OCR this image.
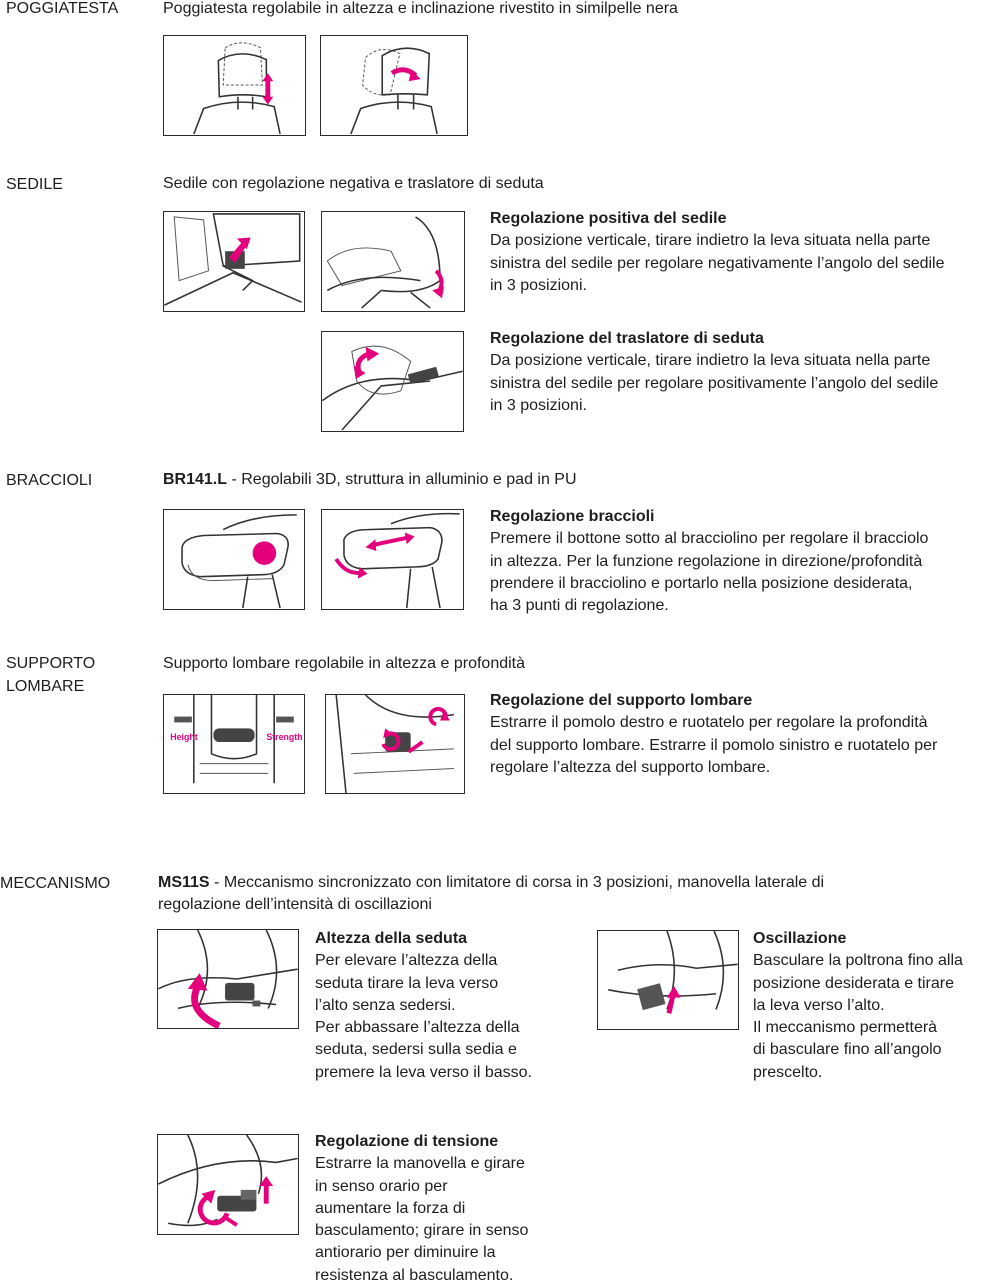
POGGIATESTA	Poggiatesta regolabile in altezza e inclinazione rivestito in similpelle nera
SEDILE	Sedile con regolazione negativa e traslatore di seduta
Regolazione positiva del sedile
Da posizione verticale, tirare indietro la leva situata nella parte
sinistra del sedile per regolare negativamente l’angolo del sedile
in 3 posizioni.
Regolazione del traslatore di seduta
Da posizione verticale, tirare indietro la leva situata nella parte
sinistra del sedile per regolare positivamente l’angolo del sedile
in 3 posizioni.
BRACCIOLI	BR141.L - Regolabili 3D, struttura in alluminio e pad in PU
Regolazione braccioli
Premere il bottone sotto al bracciolino per regolare il bracciolo
in altezza. Per la funzione regolazione in direzione/profondità
prendere il bracciolino e portarlo nella posizione desiderata,
ha 3 punti di regolazione.
SUPPORTO
LOMBARE
Supporto lombare regolabile in altezza e profondità
Height	Strength
Regolazione del supporto lombare
Estrarre il pomolo destro e ruotatelo per regolare la profondità
del supporto lombare. Estrarre il pomolo sinistro e ruotatelo per
regolare l’altezza del supporto lombare.
MECCANISMO	MS11S - Meccanismo sincronizzato con limitatore di corsa in 3 posizioni, manovella laterale di
regolazione dell’intensità di oscillazioni
Altezza della seduta
Per elevare l’altezza della
seduta tirare la leva verso
l’alto senza sedersi.
Per abbassare l’altezza della
seduta, sedersi sulla sedia e
premere la leva verso il basso.
Oscillazione
Basculare la poltrona fino alla
posizione desiderata e tirare
la leva verso l’alto.
Il meccanismo permetterà
di basculare fino all’angolo
prescelto.
Regolazione di tensione
Estrarre la manovella e girare
in senso orario per
aumentare la forza di
basculamento; girare in senso
antiorario per diminuire la
resistenza al basculamento.
